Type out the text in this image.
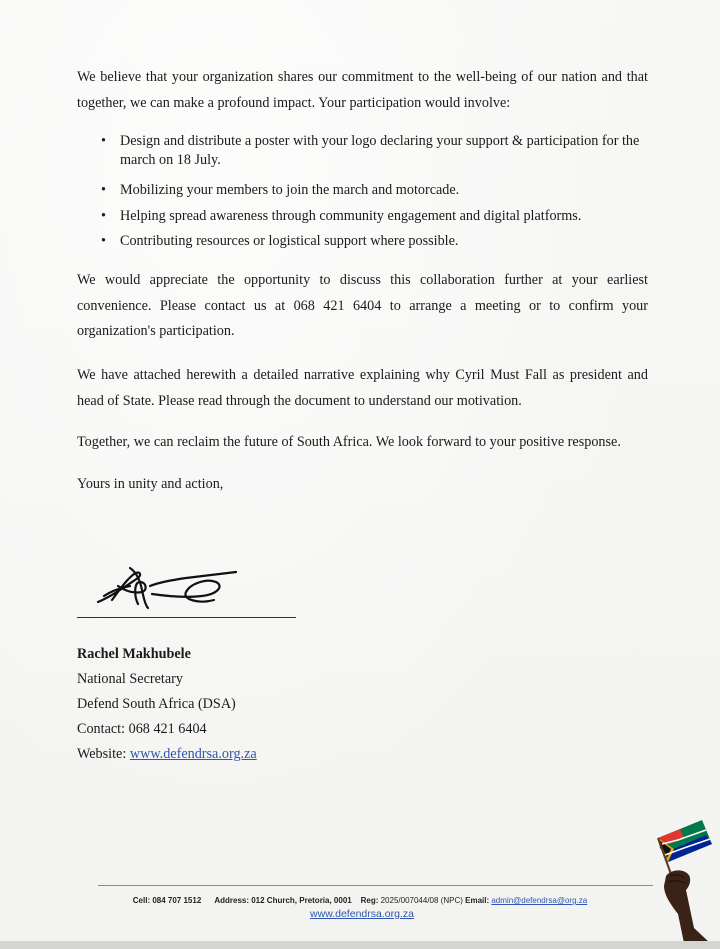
We believe that your organization shares our commitment to the well-being of our nation and that together, we can make a profound impact. Your participation would involve:

• Design and distribute a poster with your logo declaring your support & participation for the march on 18 July.
• Mobilizing your members to join the march and motorcade.
• Helping spread awareness through community engagement and digital platforms.
• Contributing resources or logistical support where possible.

We would appreciate the opportunity to discuss this collaboration further at your earliest convenience. Please contact us at 068 421 6404 to arrange a meeting or to confirm your organization's participation.

We have attached herewith a detailed narrative explaining why Cyril Must Fall as president and head of State. Please read through the document to understand our motivation.

Together, we can reclaim the future of South Africa. We look forward to your positive response.

Yours in unity and action,

Rachel Makhubele
National Secretary
Defend South Africa (DSA)
Contact: 068 421 6404
Website: www.defendrsa.org.za
Cell: 084 707 1512 Address: 012 Church, Pretoria, 0001 Reg: 2025/007044/08 (NPC) Email: admin@defendrsa@org.za
www.defendrsa.org.za
